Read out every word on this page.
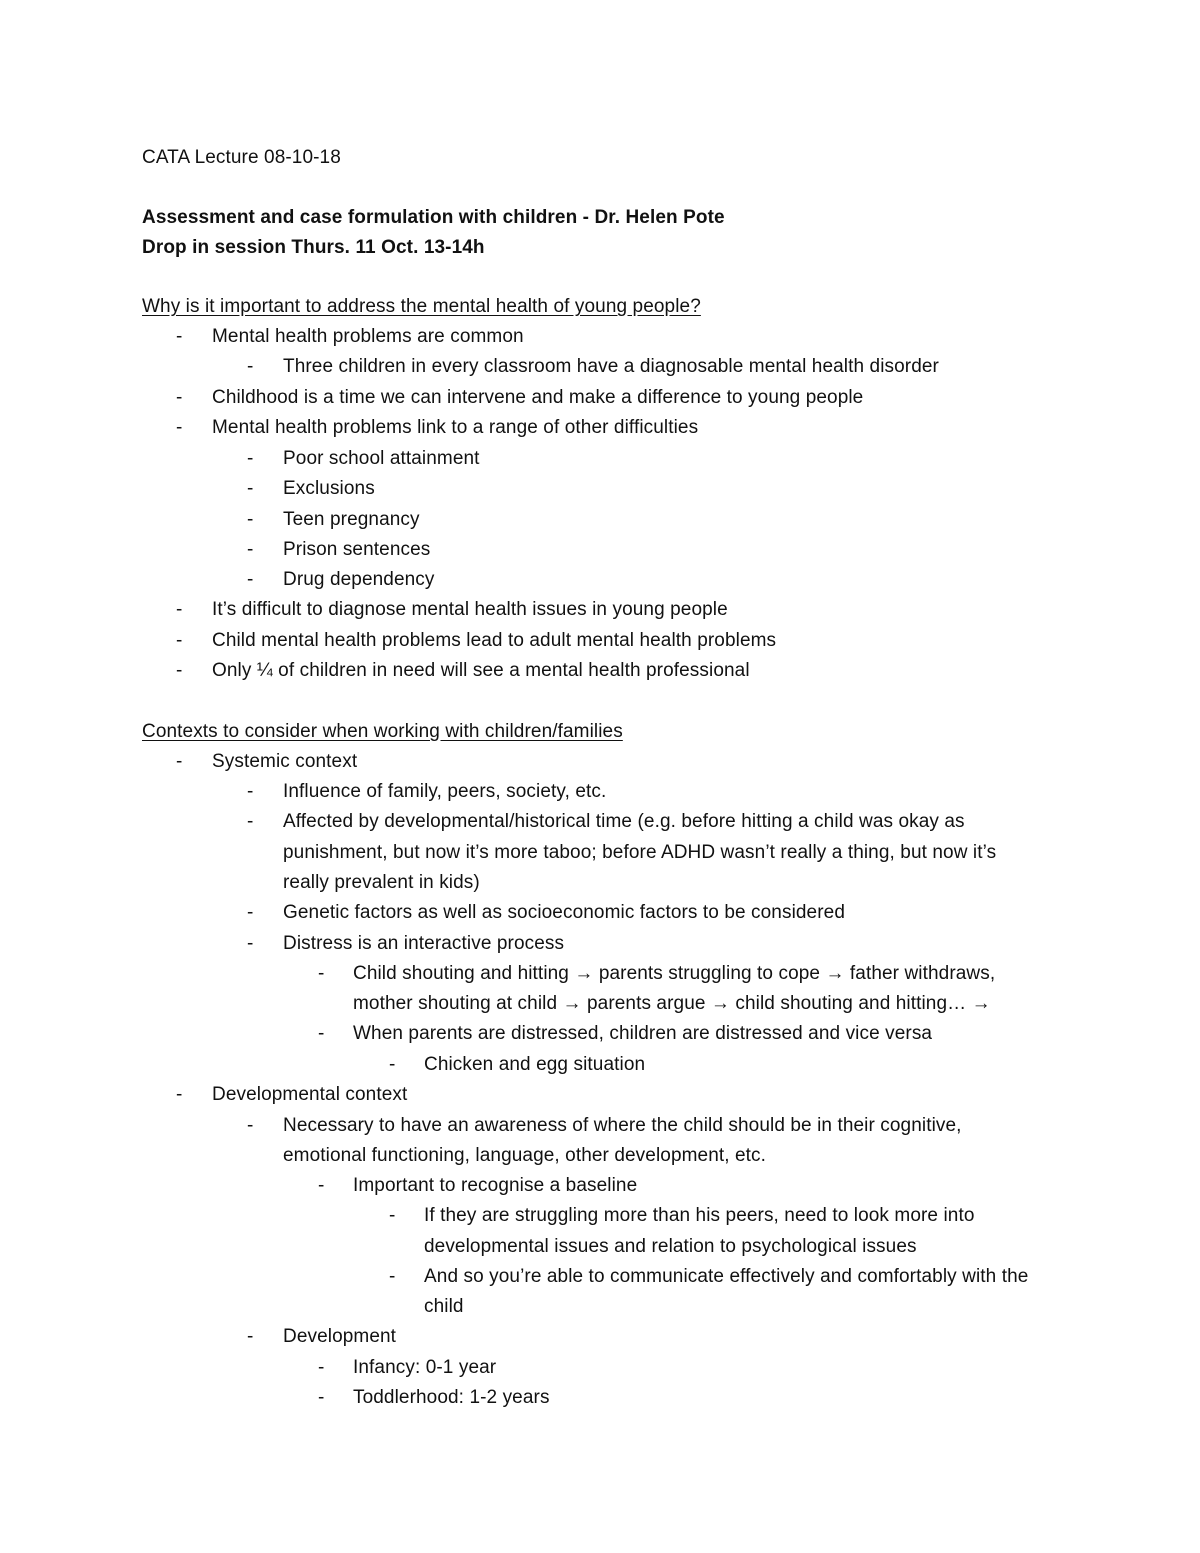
CATA Lecture 08-10-18
Assessment and case formulation with children - Dr. Helen Pote
Drop in session Thurs. 11 Oct. 13-14h
Why is it important to address the mental health of young people?
- Mental health problems are common
- Three children in every classroom have a diagnosable mental health disorder
- Childhood is a time we can intervene and make a difference to young people
- Mental health problems link to a range of other difficulties
- Poor school attainment
- Exclusions
- Teen pregnancy
- Prison sentences
- Drug dependency
- It’s difficult to diagnose mental health issues in young people
- Child mental health problems lead to adult mental health problems
- Only ¼ of children in need will see a mental health professional
Contexts to consider when working with children/families
- Systemic context
- Influence of family, peers, society, etc.
- Affected by developmental/historical time (e.g. before hitting a child was okay as
punishment, but now it’s more taboo; before ADHD wasn’t really a thing, but now it’s
really prevalent in kids)
- Genetic factors as well as socioeconomic factors to be considered
- Distress is an interactive process
- Child shouting and hitting → parents struggling to cope → father withdraws,
mother shouting at child → parents argue → child shouting and hitting… →
- When parents are distressed, children are distressed and vice versa
- Chicken and egg situation
- Developmental context
- Necessary to have an awareness of where the child should be in their cognitive,
emotional functioning, language, other development, etc.
- Important to recognise a baseline
- If they are struggling more than his peers, need to look more into
developmental issues and relation to psychological issues
- And so you’re able to communicate effectively and comfortably with the
child
- Development
- Infancy: 0-1 year
- Toddlerhood: 1-2 years
